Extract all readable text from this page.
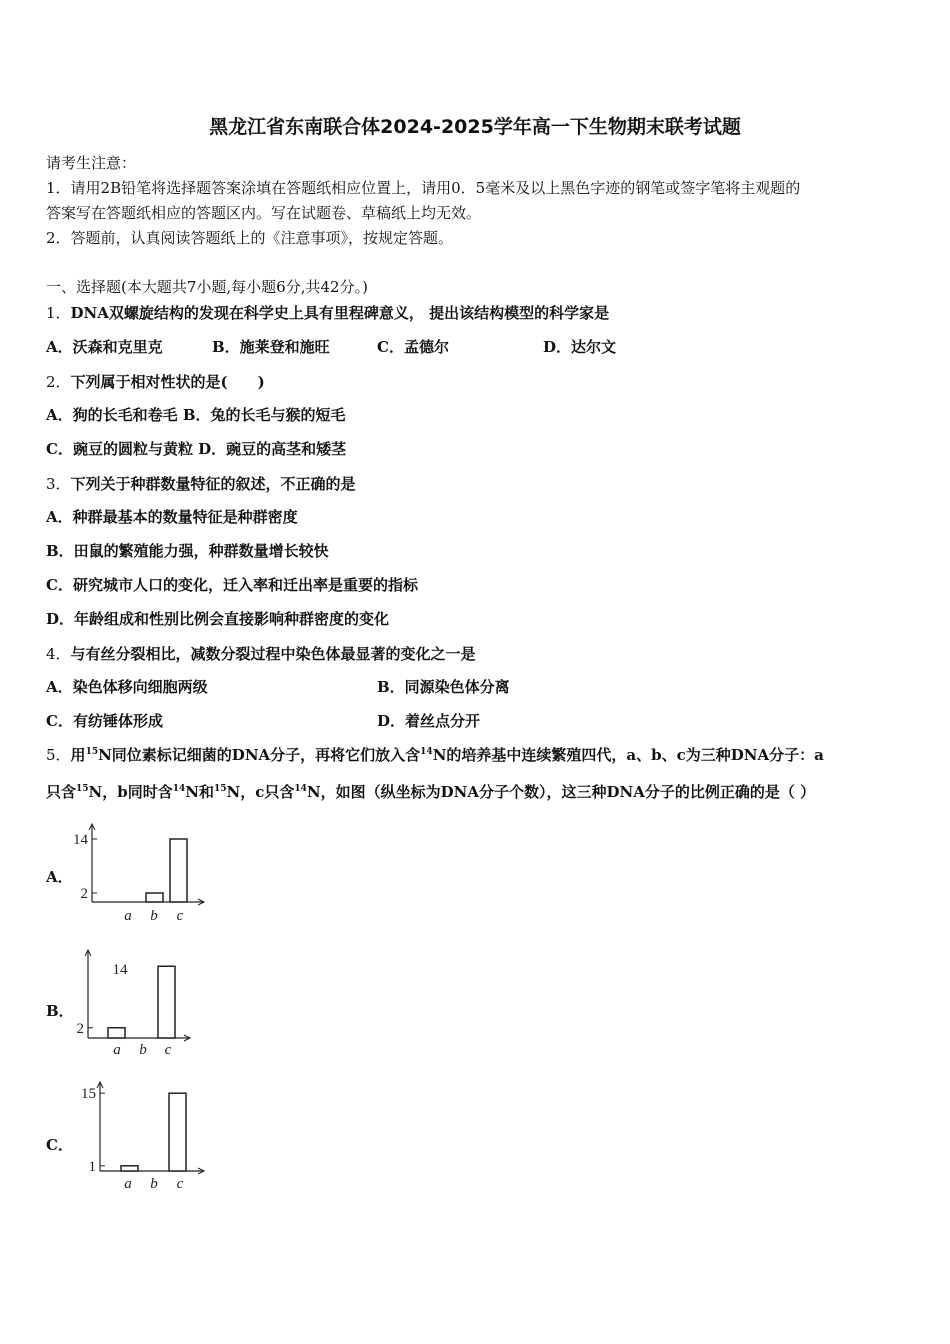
黑龙江省东南联合体2024-2025学年高一下生物期末联考试题
请考生注意：
1．请用2B铅笔将选择题答案涂填在答题纸相应位置上，请用0．5毫米及以上黑色字迹的钢笔或签字笔将主观题的
答案写在答题纸相应的答题区内。写在试题卷、草稿纸上均无效。
2．答题前，认真阅读答题纸上的《注意事项》，按规定答题。
一、选择题(本大题共7小题,每小题6分,共42分。)
1．DNA双螺旋结构的发现在科学史上具有里程碑意义， 提出该结构模型的科学家是
A．沃森和克里克	B．施莱登和施旺	C．孟德尔	D．达尔文
2．下列属于相对性状的是(　　)
A．狗的长毛和卷毛 B．兔的长毛与猴的短毛
C．豌豆的圆粒与黄粒 D．豌豆的高茎和矮茎
3．下列关于种群数量特征的叙述，不正确的是
A．种群最基本的数量特征是种群密度
B．田鼠的繁殖能力强，种群数量增长较快
C．研究城市人口的变化，迁入率和迁出率是重要的指标
D．年龄组成和性别比例会直接影响种群密度的变化
4．与有丝分裂相比，减数分裂过程中染色体最显著的变化之一是
A．染色体移向细胞两级	B．同源染色体分离
C．有纺锤体形成	D．着丝点分开
5．用$^{15}$N同位素标记细菌的DNA分子，再将它们放入含$^{14}$N的培养基中连续繁殖四代，a、b、c为三种DNA分子：a
只含$^{15}$N，b同时含$^{14}$N和$^{15}$N，c只含$^{14}$N，如图（纵坐标为DNA分子个数），这三种DNA分子的比例正确的是（ ）
A．
B．
C．
a b c
14
2
a b c
2
14
a b c
15
1
